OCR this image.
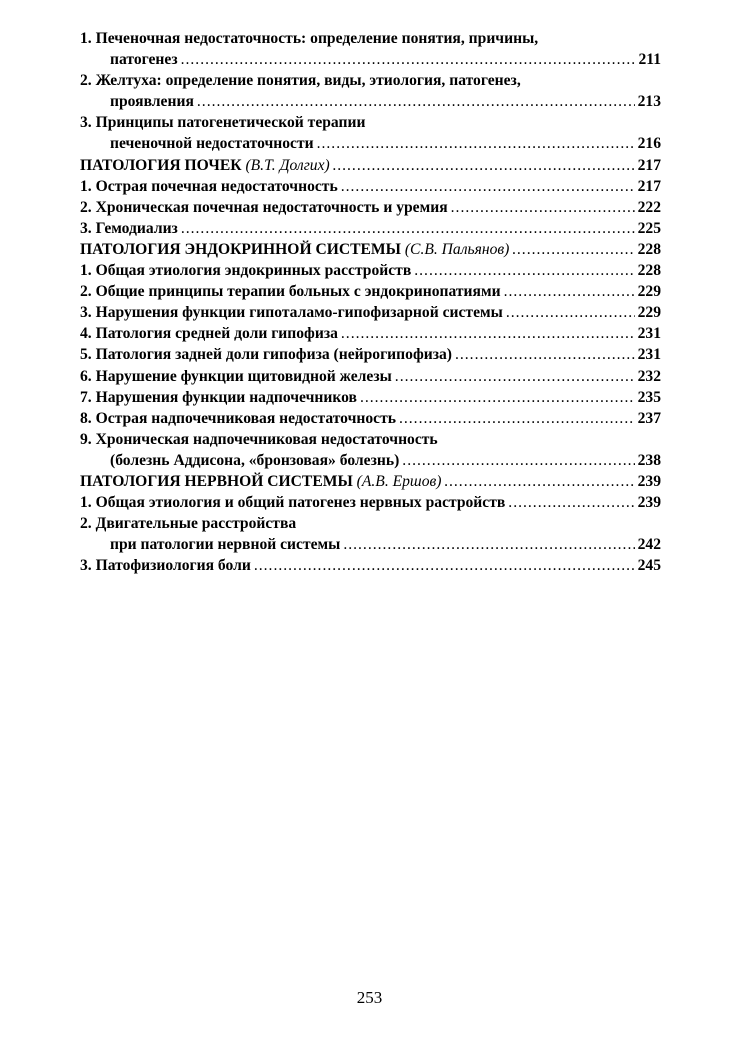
1. Печеночная недостаточность: определение понятия, причины,
патогенез .....	211
2. Желтуха: определение понятия, виды, этиология, патогенез,
проявления .....	213
3. Принципы патогенетической терапии
печеночной недостаточности .....	216
ПАТОЛОГИЯ ПОЧЕК (В.Т. Долгих) .....	217
1. Острая почечная недостаточность .....	217
2. Хроническая почечная недостаточность и уремия .....	222
3. Гемодиализ .....	225
ПАТОЛОГИЯ ЭНДОКРИННОЙ СИСТЕМЫ (С.В. Пальянов) .....	228
1. Общая этиология эндокринных расстройств .....	228
2. Общие принципы терапии больных с эндокринопатиями .....	229
3. Нарушения функции гипоталамо-гипофизарной системы .....	229
4. Патология средней доли гипофиза .....	231
5. Патология задней доли гипофиза (нейрогипофиза) .....	231
6. Нарушение функции щитовидной железы .....	232
7. Нарушения функции надпочечников .....	235
8. Острая надпочечниковая недостаточность .....	237
9. Хроническая надпочечниковая недостаточность
(болезнь Аддисона, «бронзовая» болезнь) .....	238
ПАТОЛОГИЯ НЕРВНОЙ СИСТЕМЫ (А.В. Ершов) .....	239
1. Общая этиология и общий патогенез нервных растройств .....	239
2. Двигательные расстройства
при патологии нервной системы .....	242
3. Патофизиология боли .....	245
253
